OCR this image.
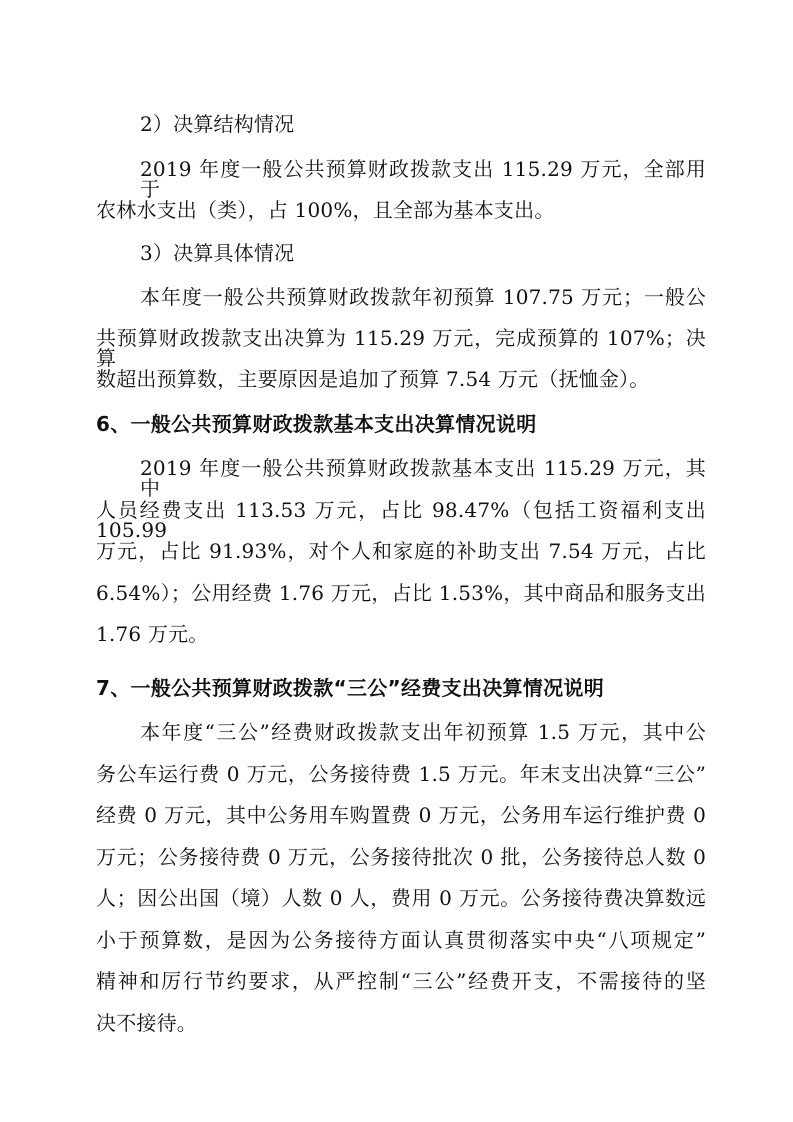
2）决算结构情况
2019 年度一般公共预算财政拨款支出 115.29 万元，全部用于
农林水支出（类），占 100%，且全部为基本支出。
3）决算具体情况
本年度一般公共预算财政拨款年初预算 107.75 万元；一般公
共预算财政拨款支出决算为 115.29 万元，完成预算的 107%；决算
数超出预算数，主要原因是追加了预算 7.54 万元（抚恤金）。
6、一般公共预算财政拨款基本支出决算情况说明
2019 年度一般公共预算财政拨款基本支出 115.29 万元，其中
人员经费支出 113.53 万元，占比 98.47%（包括工资福利支出 105.99
万元，占比 91.93%，对个人和家庭的补助支出 7.54 万元，占比
6.54%）；公用经费 1.76 万元，占比 1.53%，其中商品和服务支出
1.76 万元。
7、一般公共预算财政拨款“三公”经费支出决算情况说明
本年度“三公”经费财政拨款支出年初预算 1.5 万元，其中公
务公车运行费 0 万元，公务接待费 1.5 万元。年末支出决算“三公”
经费 0 万元，其中公务用车购置费 0 万元，公务用车运行维护费 0
万元；公务接待费 0 万元，公务接待批次 0 批，公务接待总人数 0
人；因公出国（境）人数 0 人，费用 0 万元。公务接待费决算数远
小于预算数，是因为公务接待方面认真贯彻落实中央“八项规定”
精神和厉行节约要求，从严控制“三公”经费开支，不需接待的坚
决不接待。
